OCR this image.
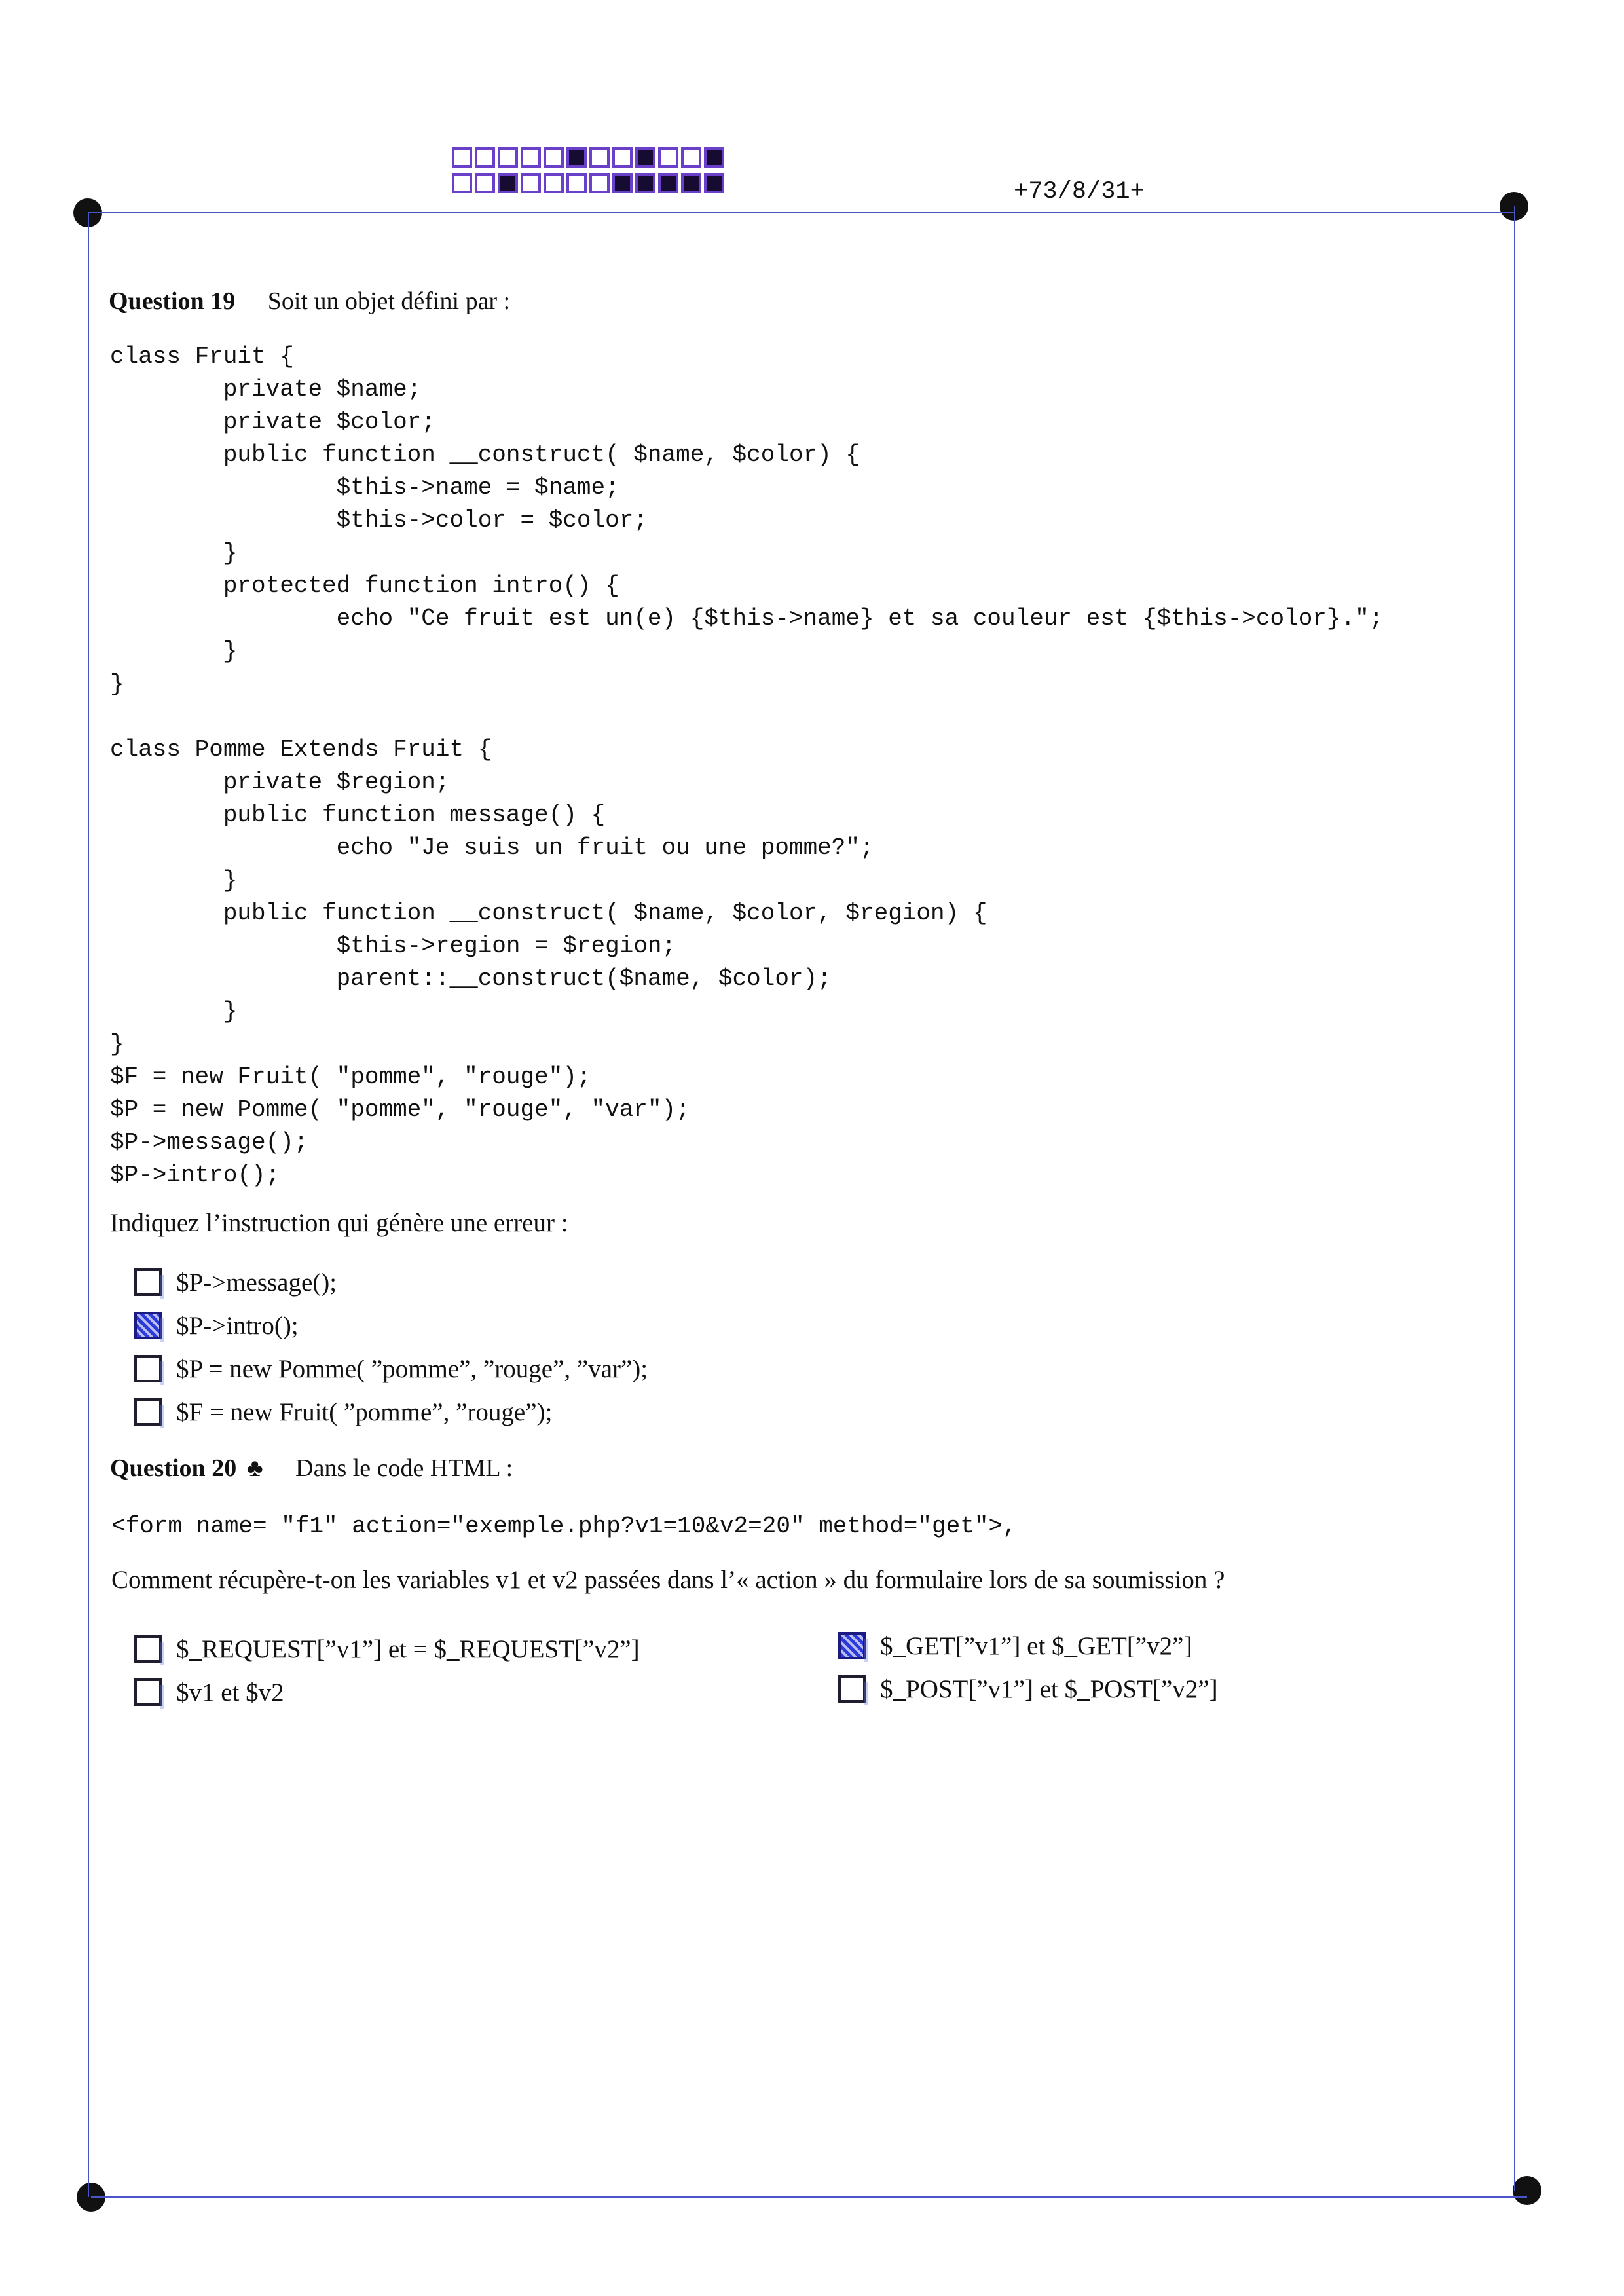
+73/8/31+
Question 19 Soit un objet défini par :
class Fruit {
private $name;
private $color;
public function __construct( $name, $color) {
$this->name = $name;
$this->color = $color;
}
protected function intro() {
echo "Ce fruit est un(e) {$this->name} et sa couleur est {$this->color}.";
}
}

class Pomme Extends Fruit {
private $region;
public function message() {
echo "Je suis un fruit ou une pomme?";
}
public function __construct( $name, $color, $region) {
$this->region = $region;
parent::__construct($name, $color);
}
}
$F = new Fruit( "pomme", "rouge");
$P = new Pomme( "pomme", "rouge", "var");
$P->message();
$P->intro();
Indiquez l’instruction qui génère une erreur :
$P->message();
$P->intro();
$P = new Pomme( ”pomme”, ”rouge”, ”var”);
$F = new Fruit( ”pomme”, ”rouge”);
Question 20 ♣ Dans le code HTML :
<form name= "f1" action="exemple.php?v1=10&v2=20" method="get">,
Comment récupère-t-on les variables v1 et v2 passées dans l’« action » du formulaire lors de sa soumission ?
$_REQUEST[”v1”] et = $_REQUEST[”v2”]
$v1 et $v2
$_GET[”v1”] et $_GET[”v2”]
$_POST[”v1”] et $_POST[”v2”]
